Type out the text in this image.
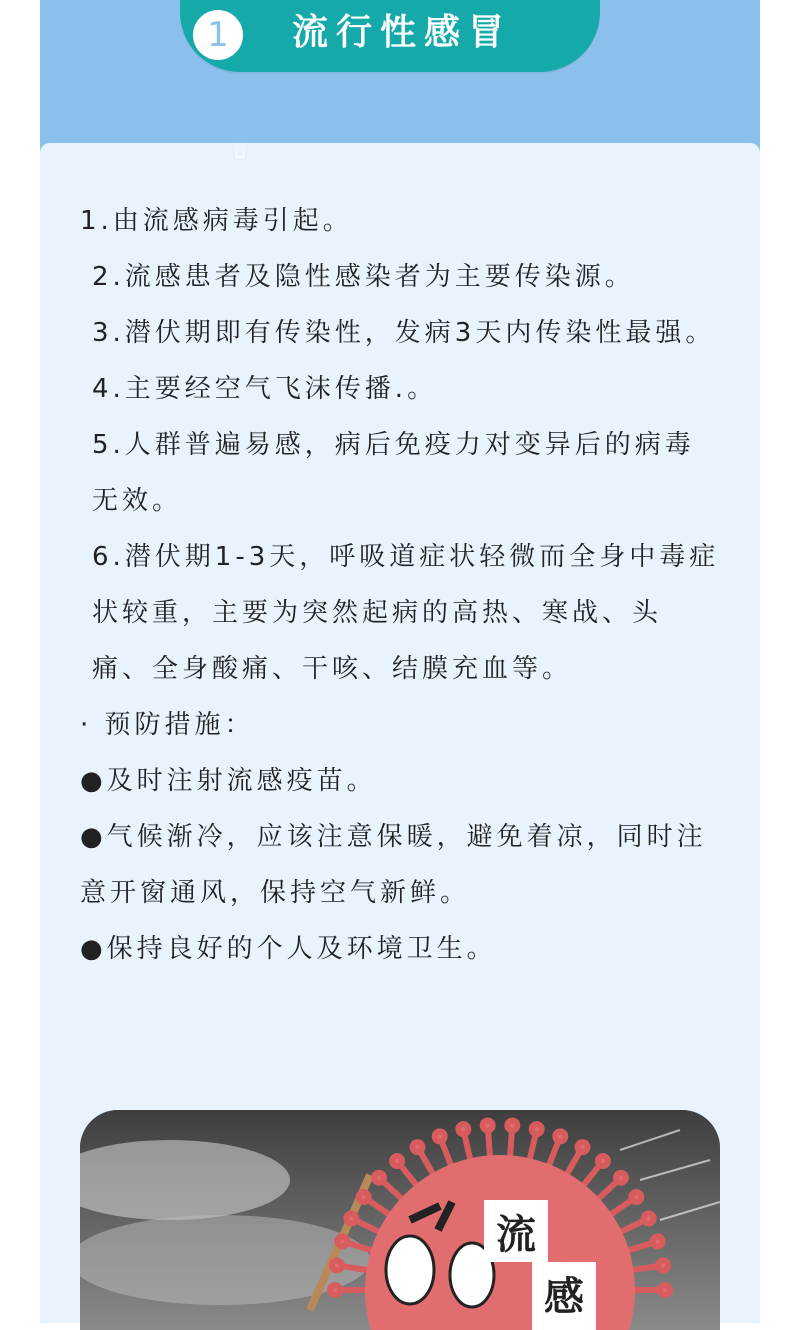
1	流行性感冒

1.由流感病毒引起。

2.流感患者及隐性感染者为主要传染源。

3.潜伏期即有传染性，发病3天内传染性最强。

4.主要经空气飞沫传播.。

5.人群普遍易感，病后免疫力对变异后的病毒无效。

6.潜伏期1-3天，呼吸道症状轻微而全身中毒症状较重，主要为突然起病的高热、寒战、头痛、全身酸痛、干咳、结膜充血等。

· 预防措施：

●及时注射流感疫苗。

●气候渐冷，应该注意保暖，避免着凉，同时注意开窗通风，保持空气新鲜。

●保持良好的个人及环境卫生。

流
感
